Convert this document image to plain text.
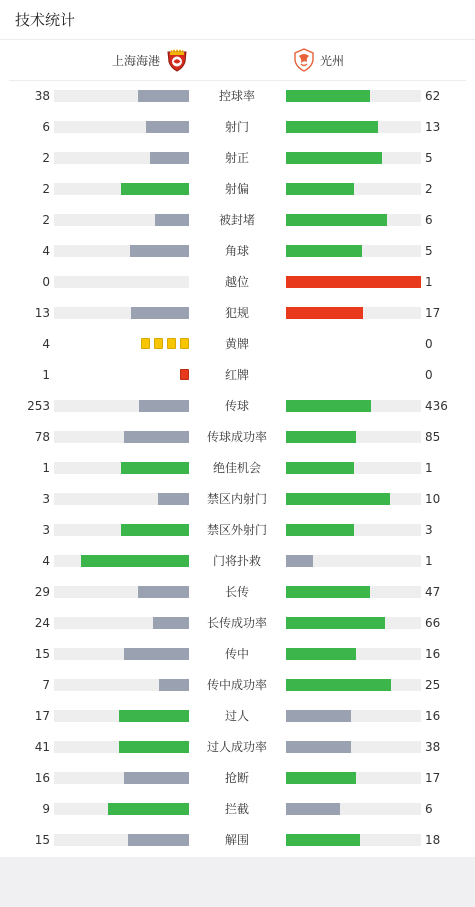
技术统计
上海海港	光州
38	控球率	62
6	射门	13
2	射正	5
2	射偏	2
2	被封堵	6
4	角球	5
0	越位	1
13	犯规	17
4	黄牌	0
1	红牌	0
253	传球	436
78	传球成功率	85
1	绝佳机会	1
3	禁区内射门	10
3	禁区外射门	3
4	门将扑救	1
29	长传	47
24	长传成功率	66
15	传中	16
7	传中成功率	25
17	过人	16
41	过人成功率	38
16	抢断	17
9	拦截	6
15	解围	18
